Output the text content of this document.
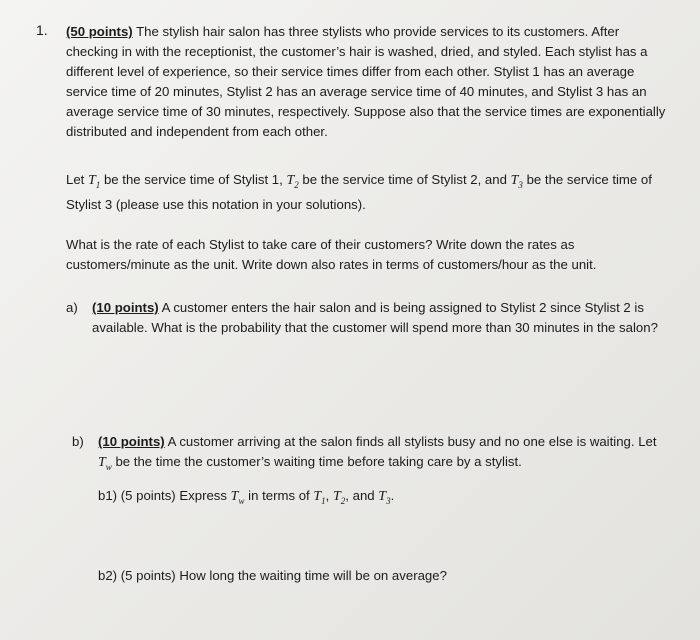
1. (50 points) The stylish hair salon has three stylists who provide services to its customers. After checking in with the receptionist, the customer’s hair is washed, dried, and styled. Each stylist has a different level of experience, so their service times differ from each other. Stylist 1 has an average service time of 20 minutes, Stylist 2 has an average service time of 40 minutes, and Stylist 3 has an average service time of 30 minutes, respectively. Suppose also that the service times are exponentially distributed and independent from each other.

Let $T_1$ be the service time of Stylist 1, $T_2$ be the service time of Stylist 2, and $T_3$ be the service time of Stylist 3 (please use this notation in your solutions).

What is the rate of each Stylist to take care of their customers? Write down the rates as customers/minute as the unit. Write down also rates in terms of customers/hour as the unit.

a)	(10 points) A customer enters the hair salon and is being assigned to Stylist 2 since Stylist 2 is available. What is the probability that the customer will spend more than 30 minutes in the salon?

b)	(10 points) A customer arriving at the salon finds all stylists busy and no one else is waiting. Let $T_w$ be the time the customer’s waiting time before taking care by a stylist.

b1) (5 points) Express $T_w$ in terms of $T_1$, $T_2$, and $T_3$.

b2) (5 points) How long the waiting time will be on average?
